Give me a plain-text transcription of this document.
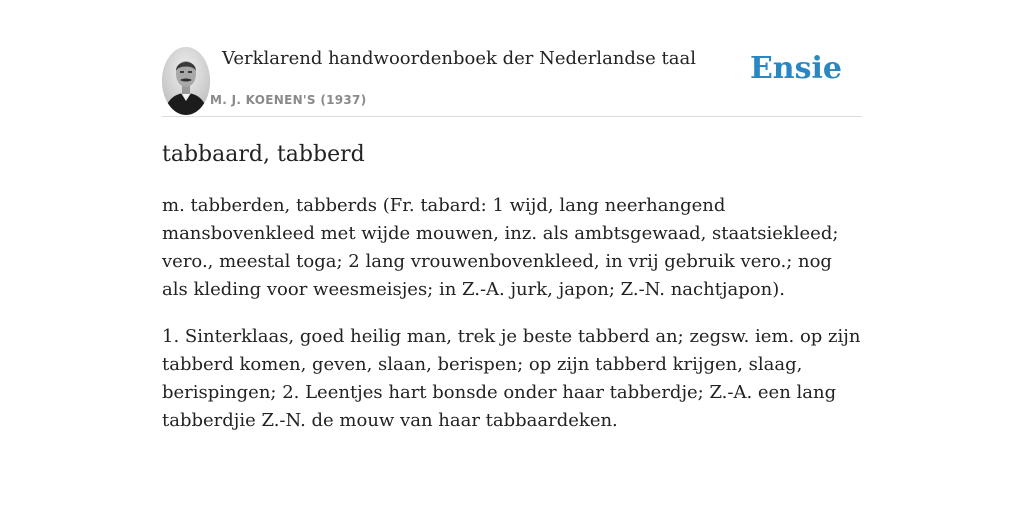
Verklarend handwoordenboek der Nederlandse taal
M. J. KOENEN'S (1937)
Ensie
tabbaard, tabberd

m. tabberden, tabberds (Fr. tabard: 1 wijd, lang neerhangend mansbovenkleed met wijde mouwen, inz. als ambtsgewaad, staatsiekleed; vero., meestal toga; 2 lang vrouwenbovenkleed, in vrij gebruik vero.; nog als kleding voor weesmeisjes; in Z.-A. jurk, japon; Z.-N. nachtjapon).

1. Sinterklaas, goed heilig man, trek je beste tabberd an; zegsw. iem. op zijn tabberd komen, geven, slaan, berispen; op zijn tabberd krijgen, slaag, berispingen; 2. Leentjes hart bonsde onder haar tabberdje; Z.-A. een lang tabberdjie Z.-N. de mouw van haar tabbaardeken.
